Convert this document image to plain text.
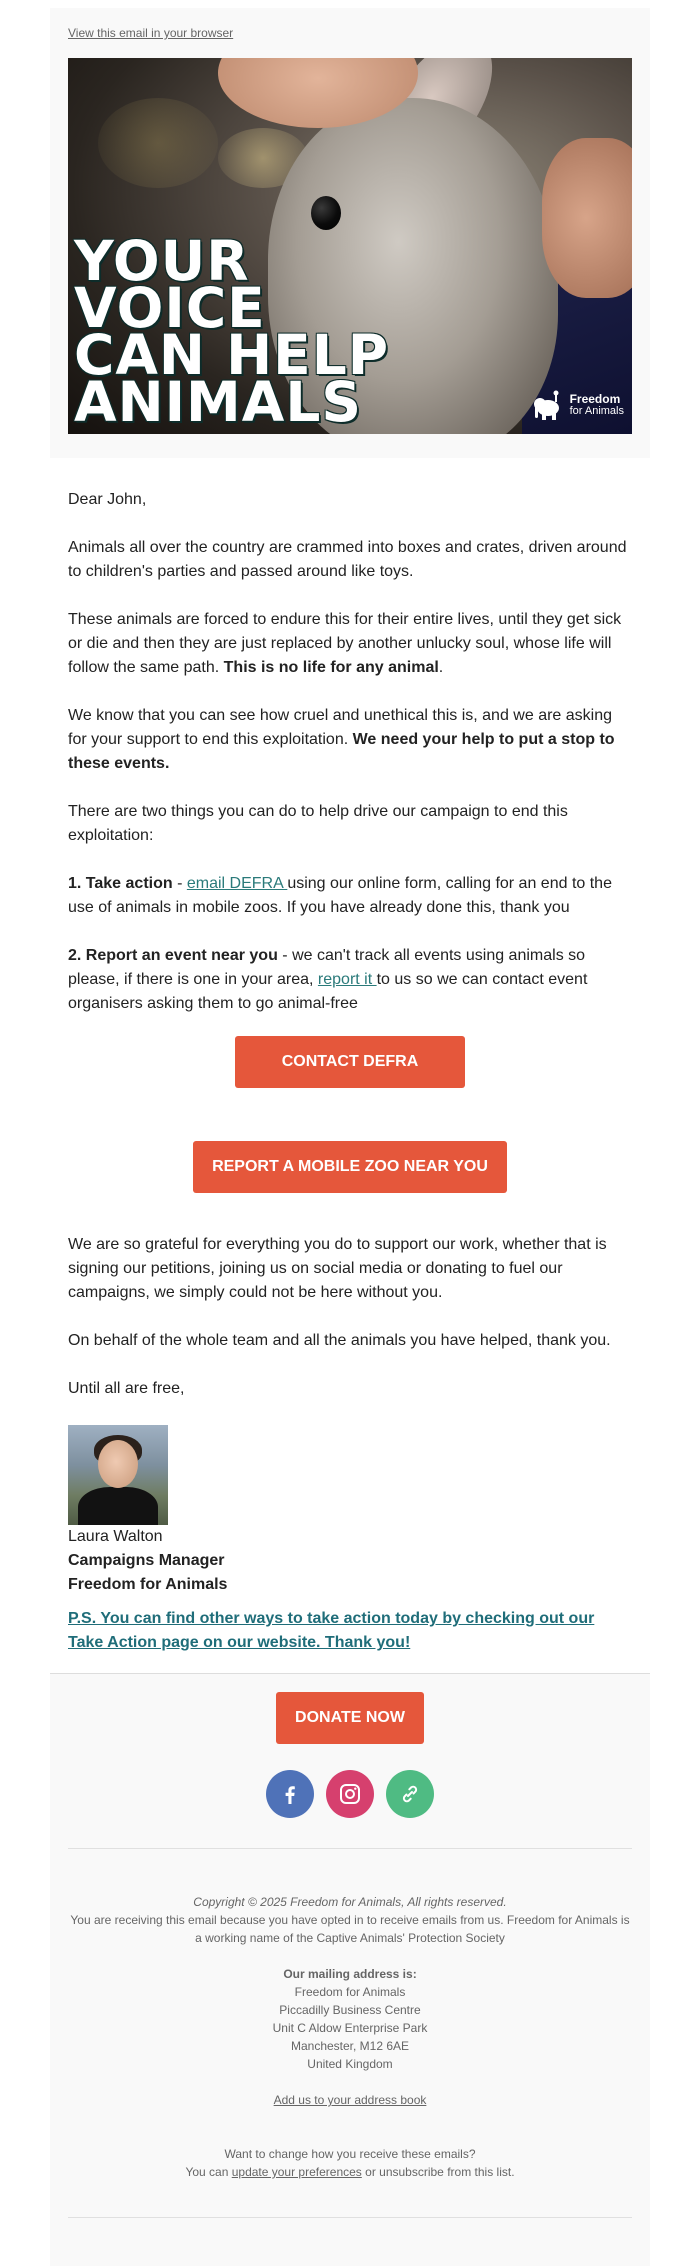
View this email in your browser
YOUR
VOICE
CAN HELP
ANIMALS	Freedom
for Animals

Dear John,

Animals all over the country are crammed into boxes and crates, driven around to children's parties and passed around like toys.

These animals are forced to endure this for their entire lives, until they get sick or die and then they are just replaced by another unlucky soul, whose life will follow the same path. This is no life for any animal.

We know that you can see how cruel and unethical this is, and we are asking for your support to end this exploitation. We need your help to put a stop to these events.

There are two things you can do to help drive our campaign to end this exploitation:

1. Take action - email DEFRA using our online form, calling for an end to the use of animals in mobile zoos. If you have already done this, thank you

2. Report an event near you - we can't track all events using animals so please, if there is one in your area, report it to us so we can contact event organisers asking them to go animal-free

CONTACT DEFRA TODAY
REPORT A MOBILE ZOO NEAR YOU

We are so grateful for everything you do to support our work, whether that is signing our petitions, joining us on social media or donating to fuel our campaigns, we simply could not be here without you.

On behalf of the whole team and all the animals you have helped, thank you.

Until all are free,

Laura Walton
Campaigns Manager
Freedom for Animals
P.S. You can find other ways to take action today by checking out our Take Action page on our website. Thank you!
DONATE NOW

Copyright © 2025 Freedom for Animals, All rights reserved.
You are receiving this email because you have opted in to receive emails from us. Freedom for Animals is a working name of the Captive Animals' Protection Society
Our mailing address is:
Freedom for Animals
Piccadilly Business Centre
Unit C Aldow Enterprise Park
Manchester, M12 6AE
United Kingdom
Add us to your address book
Want to change how you receive these emails?
You can update your preferences or unsubscribe from this list.
